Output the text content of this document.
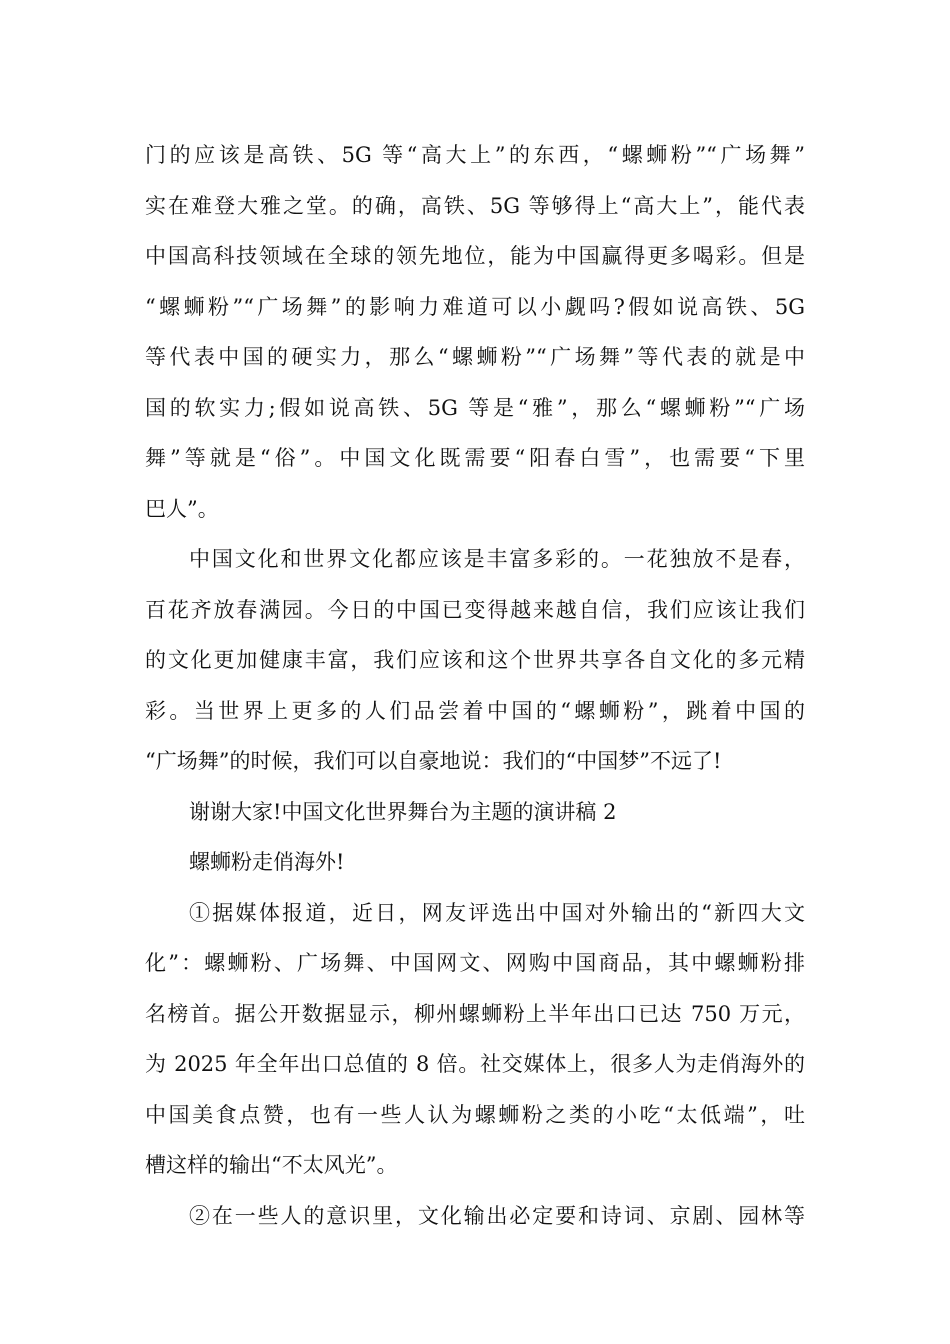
门的应该是高铁、5G 等“高大上”的东西，“螺蛳粉”“广场舞”
实在难登大雅之堂。的确，高铁、5G 等够得上“高大上”，能代表
中国高科技领域在全球的领先地位，能为中国赢得更多喝彩。但是
“螺蛳粉”“广场舞”的影响力难道可以小觑吗?假如说高铁、5G
等代表中国的硬实力，那么“螺蛳粉”“广场舞”等代表的就是中
国的软实力;假如说高铁、5G 等是“雅”，那么“螺蛳粉”“广场
舞”等就是“俗”。中国文化既需要“阳春白雪”，也需要“下里
巴人”。
中国文化和世界文化都应该是丰富多彩的。一花独放不是春，
百花齐放春满园。今日的中国已变得越来越自信，我们应该让我们
的文化更加健康丰富，我们应该和这个世界共享各自文化的多元精
彩。当世界上更多的人们品尝着中国的“螺蛳粉”，跳着中国的
“广场舞”的时候，我们可以自豪地说：我们的“中国梦”不远了!
谢谢大家!中国文化世界舞台为主题的演讲稿 2
螺蛳粉走俏海外!
①据媒体报道，近日，网友评选出中国对外输出的“新四大文
化”：螺蛳粉、广场舞、中国网文、网购中国商品，其中螺蛳粉排
名榜首。据公开数据显示，柳州螺蛳粉上半年出口已达 750 万元，
为 2025 年全年出口总值的 8 倍。社交媒体上，很多人为走俏海外的
中国美食点赞，也有一些人认为螺蛳粉之类的小吃“太低端”，吐
槽这样的输出“不太风光”。
②在一些人的意识里，文化输出必定要和诗词、京剧、园林等
